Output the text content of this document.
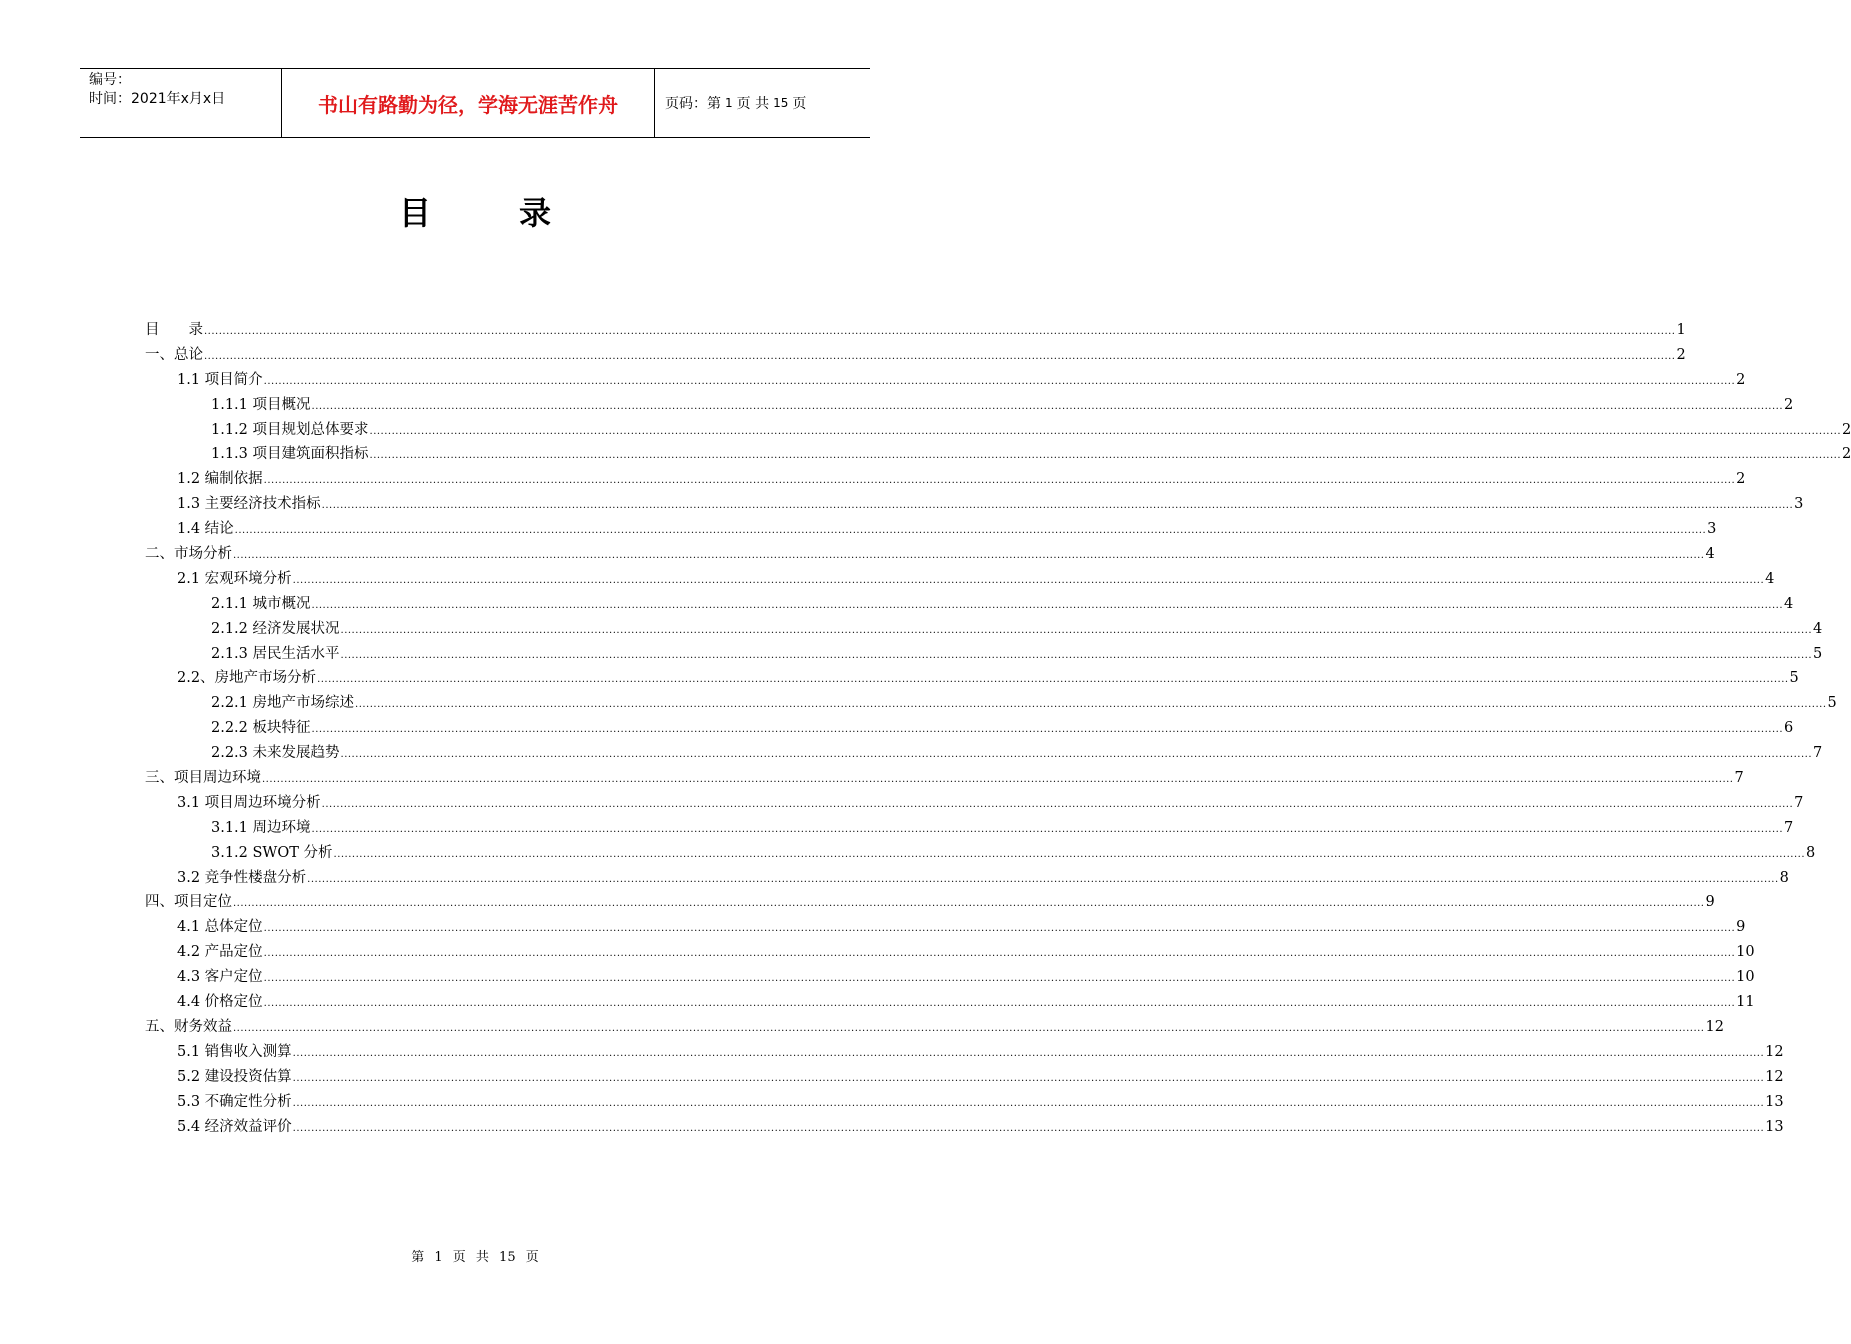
编号：
时间：2021年x月x日	书山有路勤为径，学海无涯苦作舟	页码：第 1 页 共 15 页
目录
目　　录 ................................................................................................................................................................................................................................................................................................................................................................................................................ 1
一、总论 ................................................................................................................................................................................................................................................................................................................................................................................................................ 2
1.1 项目简介 ................................................................................................................................................................................................................................................................................................................................................................................................................ 2
1.1.1 项目概况 ................................................................................................................................................................................................................................................................................................................................................................................................................ 2
1.1.2 项目规划总体要求 ................................................................................................................................................................................................................................................................................................................................................................................................................ 2
1.1.3 项目建筑面积指标 ................................................................................................................................................................................................................................................................................................................................................................................................................ 2
1.2 编制依据 ................................................................................................................................................................................................................................................................................................................................................................................................................ 2
1.3 主要经济技术指标 ................................................................................................................................................................................................................................................................................................................................................................................................................ 3
1.4 结论 ................................................................................................................................................................................................................................................................................................................................................................................................................ 3
二、市场分析 ................................................................................................................................................................................................................................................................................................................................................................................................................ 4
2.1 宏观环境分析 ................................................................................................................................................................................................................................................................................................................................................................................................................ 4
2.1.1 城市概况 ................................................................................................................................................................................................................................................................................................................................................................................................................ 4
2.1.2 经济发展状况 ................................................................................................................................................................................................................................................................................................................................................................................................................ 4
2.1.3 居民生活水平 ................................................................................................................................................................................................................................................................................................................................................................................................................ 5
2.2、房地产市场分析 ................................................................................................................................................................................................................................................................................................................................................................................................................ 5
2.2.1 房地产市场综述 ................................................................................................................................................................................................................................................................................................................................................................................................................ 5
2.2.2 板块特征 ................................................................................................................................................................................................................................................................................................................................................................................................................ 6
2.2.3 未来发展趋势 ................................................................................................................................................................................................................................................................................................................................................................................................................ 7
三、项目周边环境 ................................................................................................................................................................................................................................................................................................................................................................................................................ 7
3.1 项目周边环境分析 ................................................................................................................................................................................................................................................................................................................................................................................................................ 7
3.1.1 周边环境 ................................................................................................................................................................................................................................................................................................................................................................................................................ 7
3.1.2 SWOT 分析 ................................................................................................................................................................................................................................................................................................................................................................................................................ 8
3.2 竞争性楼盘分析 ................................................................................................................................................................................................................................................................................................................................................................................................................ 8
四、项目定位 ................................................................................................................................................................................................................................................................................................................................................................................................................ 9
4.1 总体定位 ................................................................................................................................................................................................................................................................................................................................................................................................................ 9
4.2 产品定位 ................................................................................................................................................................................................................................................................................................................................................................................................................ 10
4.3 客户定位 ................................................................................................................................................................................................................................................................................................................................................................................................................ 10
4.4 价格定位 ................................................................................................................................................................................................................................................................................................................................................................................................................ 11
五、财务效益 ................................................................................................................................................................................................................................................................................................................................................................................................................ 12
5.1 销售收入测算 ................................................................................................................................................................................................................................................................................................................................................................................................................ 12
5.2 建设投资估算 ................................................................................................................................................................................................................................................................................................................................................................................................................ 12
5.3 不确定性分析 ................................................................................................................................................................................................................................................................................................................................................................................................................ 13
5.4 经济效益评价 ................................................................................................................................................................................................................................................................................................................................................................................................................ 13
第 1 页 共 15 页
